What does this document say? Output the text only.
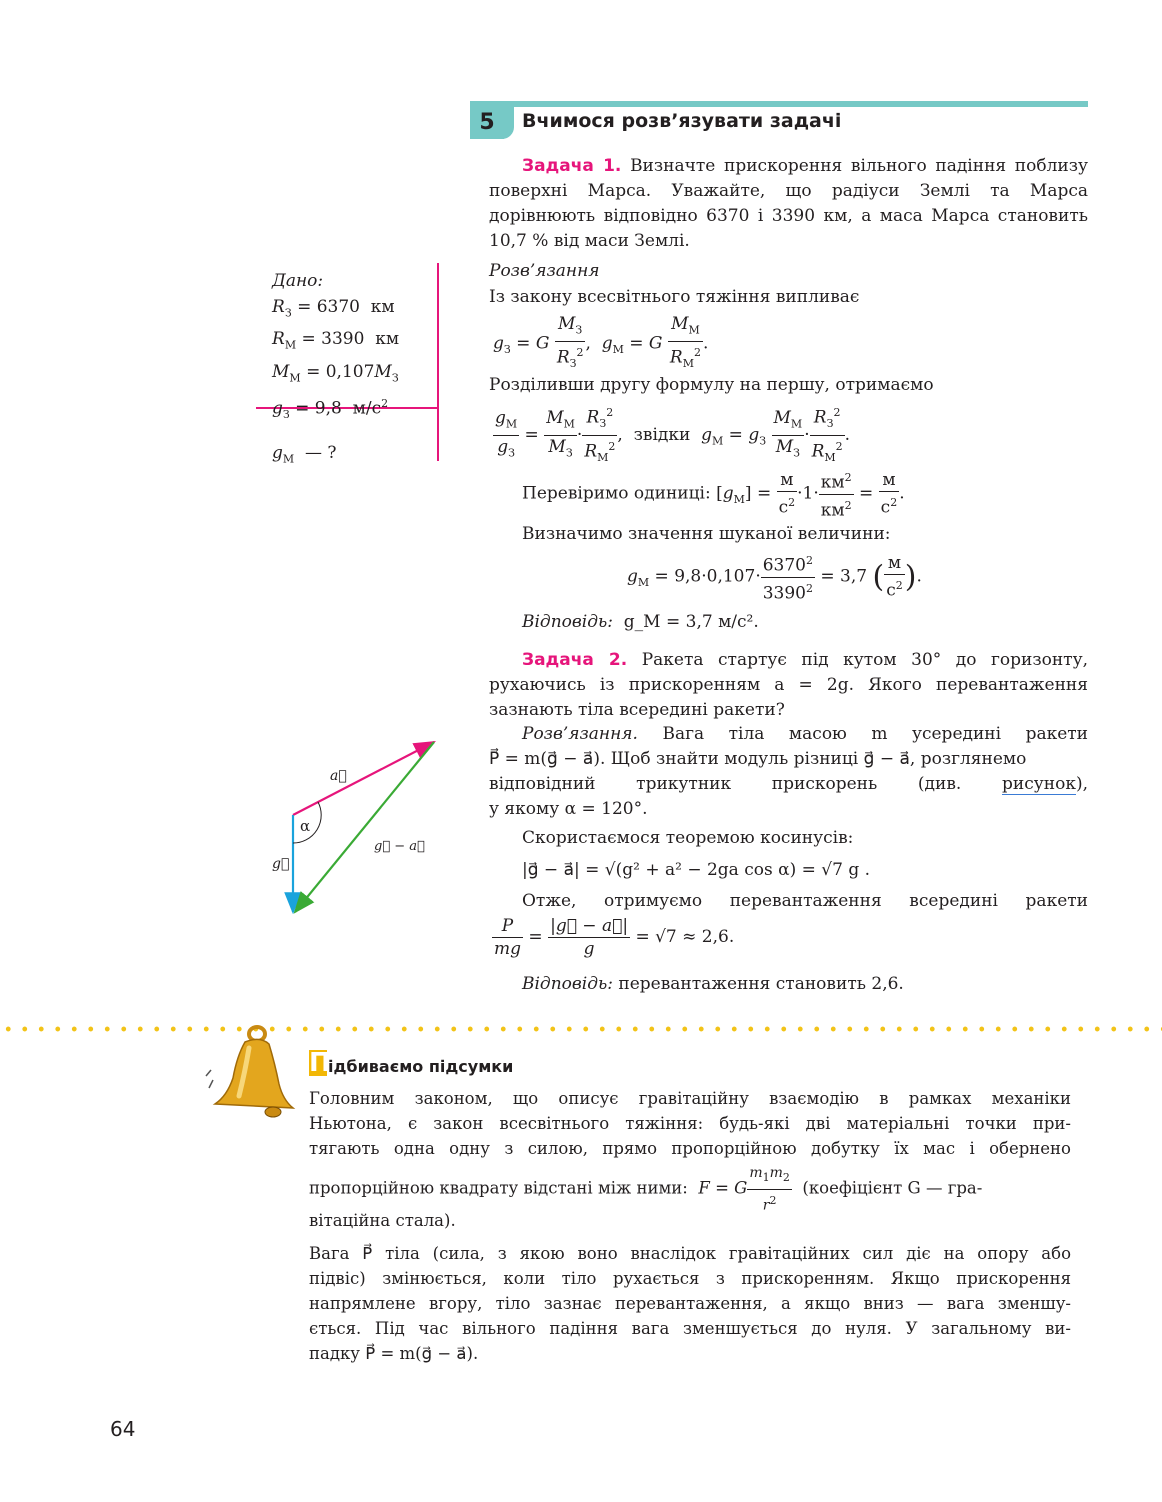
5	Вчимося розв’язувати задачі
Задача 1. Визначте прискорення вільного падіння поблизу поверхні Марса. Уважайте, що радіуси Землі та Марса дорівнюють відповідно 6370 і 3390 км, а маса Марса становить 10,7 % від маси Землі.
Дано:
$R_З = 6370$  км
$R_М = 3390$  км
$M_М = 0,107M_З$
$g_З = 9,8$  $м/с^2$
$g_М$  — ?
Розв’язання
Із закону всесвітнього тяжіння випливає
$g_З = G \frac{M_З}{R_З^2}$ ,  $g_М = G \frac{M_М}{R_М^2}$ .
Розділивши другу формулу на першу, отримаємо
$\frac{g_М}{g_З} = \frac{M_М}{M_З} \cdot \frac{R_З^2}{R_М^2}$ ,  звідки $g_М = g_З \frac{M_М}{M_З} \cdot \frac{R_З^2}{R_М^2}$ .
Перевіримо одиниці: $[g_М] = \frac{м}{с^2} \cdot 1\cdot \frac{км^2}{км^2} = \frac{м}{с^2}$ .
Визначимо значення шуканої величини:
$g_М = 9,8\cdot 0,107\cdot \frac{6370^2}{3390^2} = 3,7$ ( $\frac{м}{с^2}$ ).
Відповідь: g_М = 3,7 м/с².
Задача 2. Ракета стартує під кутом 30° до горизонту, рухаючись із прискоренням a = 2g. Якого перевантаження зазнають тіла всередині ракети?
Розв’язання. Вага тіла масою m усередині ракети
P⃗ = m(g⃗ − a⃗). Щоб знайти модуль різниці g⃗ − a⃗, розглянемо
відповідний трикутник прискорень (див. рисунок),
у якому α = 120°.
Скористаємося теоремою косинусів:
|g⃗ − a⃗| = √(g² + a² − 2ga cos α) = √7 g .
Отже, отримуємо перевантаження всередині ракети
$\frac{P}{mg} = \frac{|g⃗ - a⃗|}{g} = √7 \approx 2,6$.
Відповідь: перевантаження становить 2,6.
α
a⃗
g⃗
g⃗ − a⃗
Підбиваємо підсумки
Головним законом, що описує гравітаційну взаємодію в рамках механіки
Ньютона, є закон всесвітнього тяжіння: будь-які дві матеріальні точки при-
тягають одна одну з силою, прямо пропорційною добутку їх мас і обернено
пропорційною квадрату відстані між ними: F = G $\frac{m_1m_2}{r^2}$ (коефіцієнт G — гра-
вітаційна стала).
Вага P⃗ тіла (сила, з якою воно внаслідок гравітаційних сил діє на опору або
підвіс) змінюється, коли тіло рухається з прискоренням. Якщо прискорення
напрямлене вгору, тіло зазнає перевантаження, а якщо вниз — вага зменшу-
ється. Під час вільного падіння вага зменшується до нуля. У загальному ви-
падку P⃗ = m(g⃗ − a⃗).
64
